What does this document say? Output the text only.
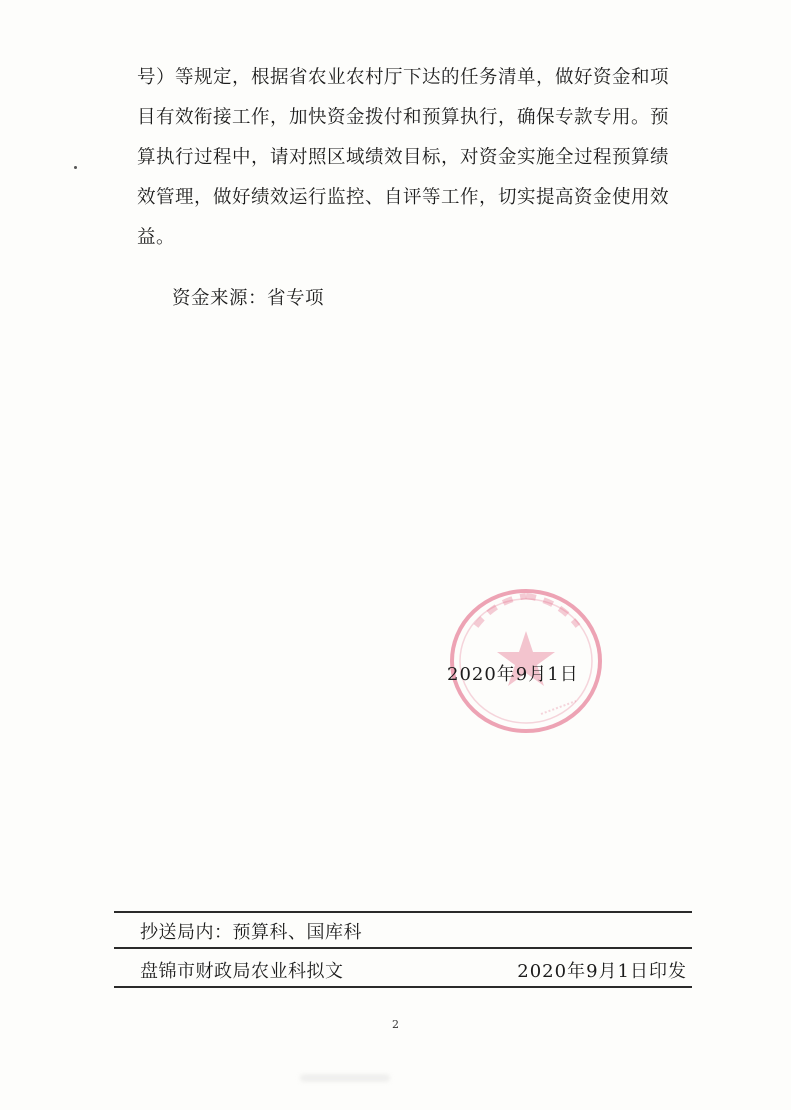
号）等规定，根据省农业农村厅下达的任务清单，做好资金和项
目有效衔接工作，加快资金拨付和预算执行，确保专款专用。预
算执行过程中，请对照区域绩效目标，对资金实施全过程预算绩
效管理，做好绩效运行监控、自评等工作，切实提高资金使用效
益。
资金来源：省专项
2020年9月1日
抄送局内：预算科、国库科
盘锦市财政局农业科拟文	2020年9月1日印发
2
